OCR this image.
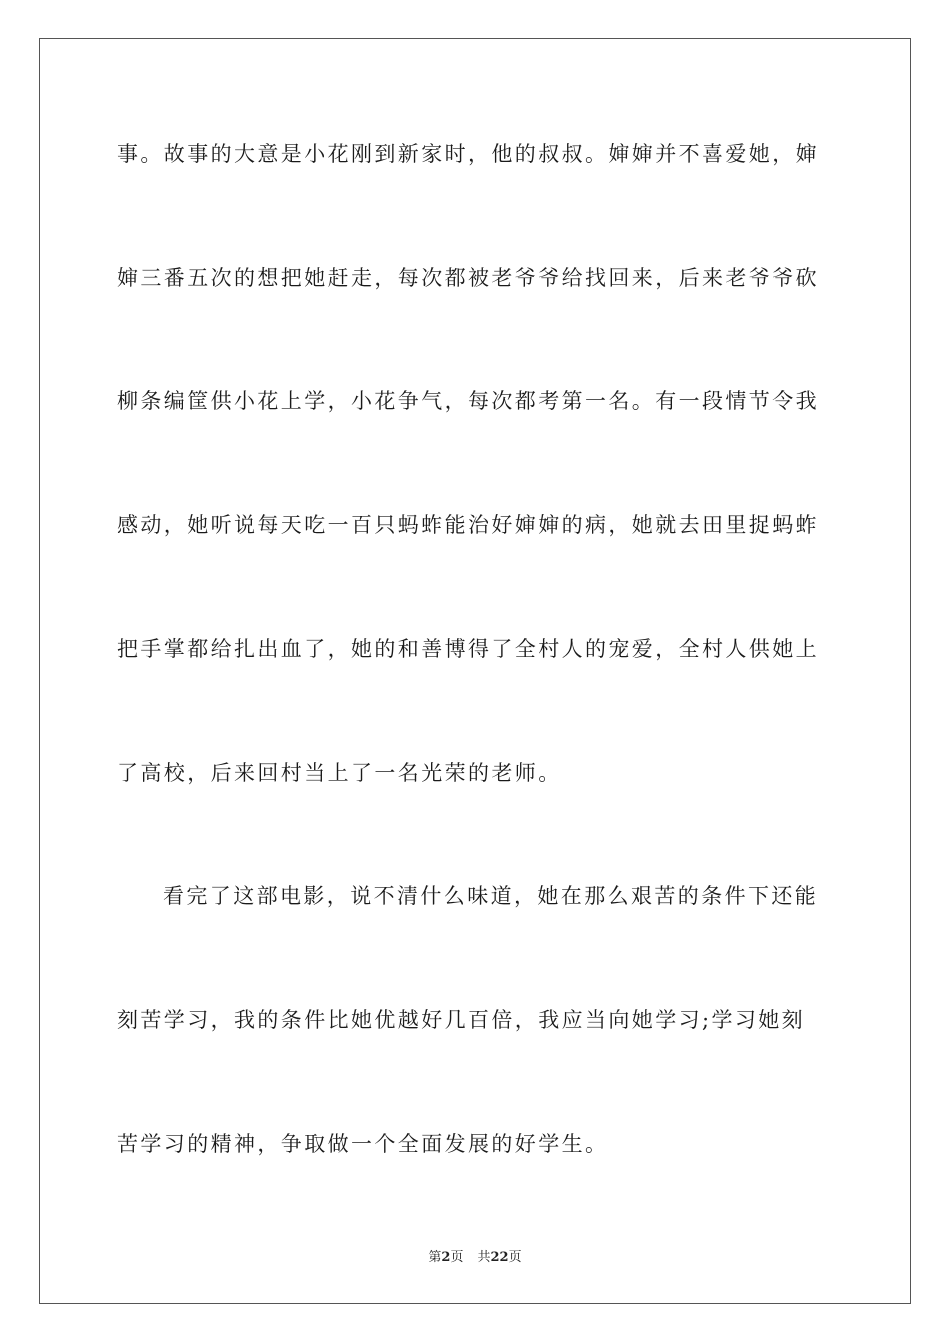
事。故事的大意是小花刚到新家时，他的叔叔。婶婶并不喜爱她，婶
婶三番五次的想把她赶走，每次都被老爷爷给找回来，后来老爷爷砍
柳条编筐供小花上学，小花争气，每次都考第一名。有一段情节令我
感动，她听说每天吃一百只蚂蚱能治好婶婶的病，她就去田里捉蚂蚱
把手掌都给扎出血了，她的和善博得了全村人的宠爱，全村人供她上
了高校，后来回村当上了一名光荣的老师。
看完了这部电影，说不清什么味道，她在那么艰苦的条件下还能
刻苦学习，我的条件比她优越好几百倍，我应当向她学习;学习她刻
苦学习的精神，争取做一个全面发展的好学生。
第2页 共22页
